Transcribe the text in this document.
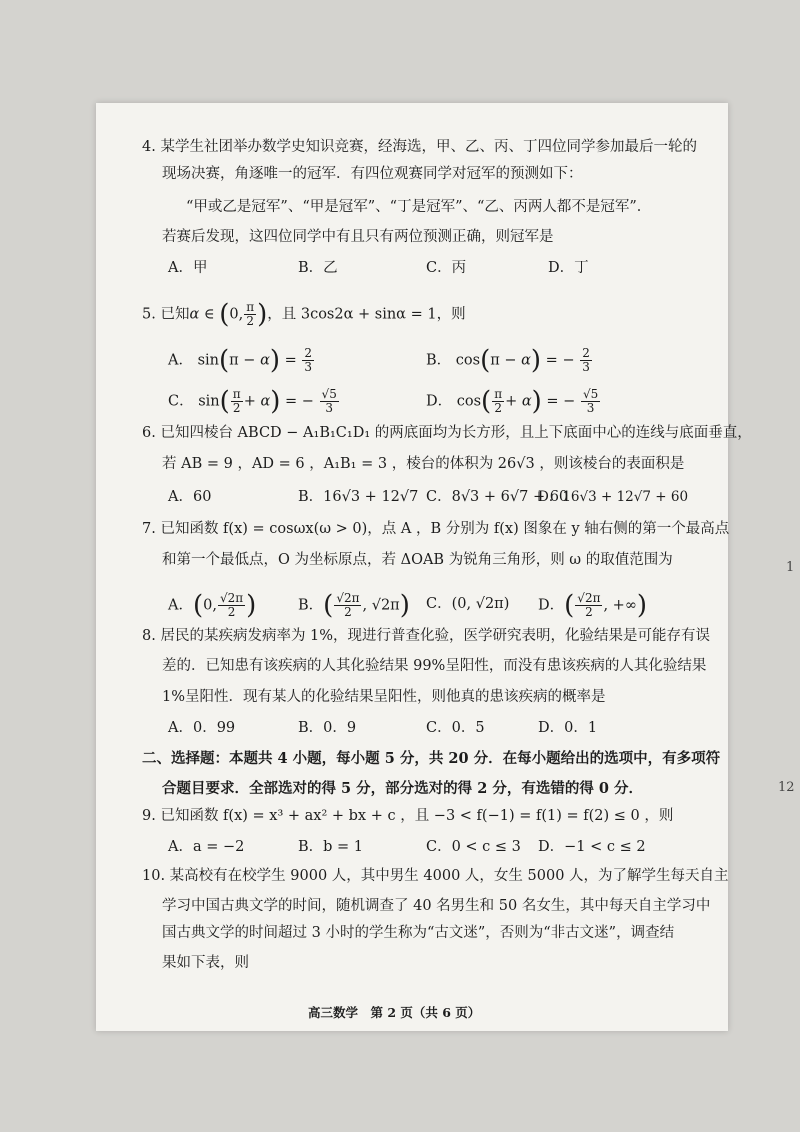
4. 某学生社团举办数学史知识竞赛，经海选，甲、乙、丙、丁四位同学参加最后一轮的
现场决赛，角逐唯一的冠军．有四位观赛同学对冠军的预测如下：
“甲或乙是冠军”、“甲是冠军”、“丁是冠军”、“乙、丙两人都不是冠军”．
若赛后发现，这四位同学中有且只有两位预测正确，则冠军是
A．甲	B．乙	C．丙	D．丁
5. 已知α ∈ (0, $\frac{\pi}{2}$ )，且 3cos2α + sinα = 1，则
A． $\sin(\pi - \alpha) = \frac{2}{3}$	B． cos(π − α) = − $\frac{2}{3}$
C． $\sin( \frac{\pi}{2} + \alpha)$ = − $\frac{√5}{3}$	D． $\cos( \frac{\pi}{2} + \alpha)$ = − $\frac{√5}{3}$
6. 已知四棱台 ABCD − A₁B₁C₁D₁ 的两底面均为长方形，且上下底面中心的连线与底面垂直，
若 AB = 9 ，AD = 6 ，A₁B₁ = 3 ，棱台的体积为 26√3 ，则该棱台的表面积是
A．60	B．16√3 + 12√7 C．8√3 + 6√7 + 60
D．16√3 + 12√7 + 60
7. 已知函数 f(x) = cosωx(ω > 0)，点 A ，B 分别为 f(x) 图象在 y 轴右侧的第一个最高点
和第一个最低点，O 为坐标原点，若 ΔOAB 为锐角三角形，则 ω 的取值范围为
A．(0, $\frac{√2\pi}{2}$ )	B．( $\frac{√2\pi}{2}$ , √2π) C．(0, √2π) D．( $\frac{√2\pi}{2}$ , +∞)
8. 居民的某疾病发病率为 1%，现进行普查化验，医学研究表明，化验结果是可能存有误
差的．已知患有该疾病的人其化验结果 99%呈阳性，而没有患该疾病的人其化验结果
1%呈阳性．现有某人的化验结果呈阳性，则他真的患该疾病的概率是
A．0．99	B．0．9	C．0．5	D．0．1
二、选择题：本题共 4 小题，每小题 5 分，共 20 分．在每小题给出的选项中，有多项符
合题目要求．全部选对的得 5 分，部分选对的得 2 分，有选错的得 0 分．
9. 已知函数 f(x) = x³ + ax² + bx + c ，且 −3 < f(−1) = f(1) = f(2) ≤ 0 ，则
A．a = −2	B．b = 1	C．0 < c ≤ 3 D．−1 < c ≤ 2
10. 某高校有在校学生 9000 人，其中男生 4000 人，女生 5000 人，为了解学生每天自主
学习中国古典文学的时间，随机调查了 40 名男生和 50 名女生，其中每天自主学习中
国古典文学的时间超过 3 小时的学生称为“古文迷”，否则为“非古文迷”，调查结
果如下表，则
1
12
高三数学　第 2 页（共 6 页）
